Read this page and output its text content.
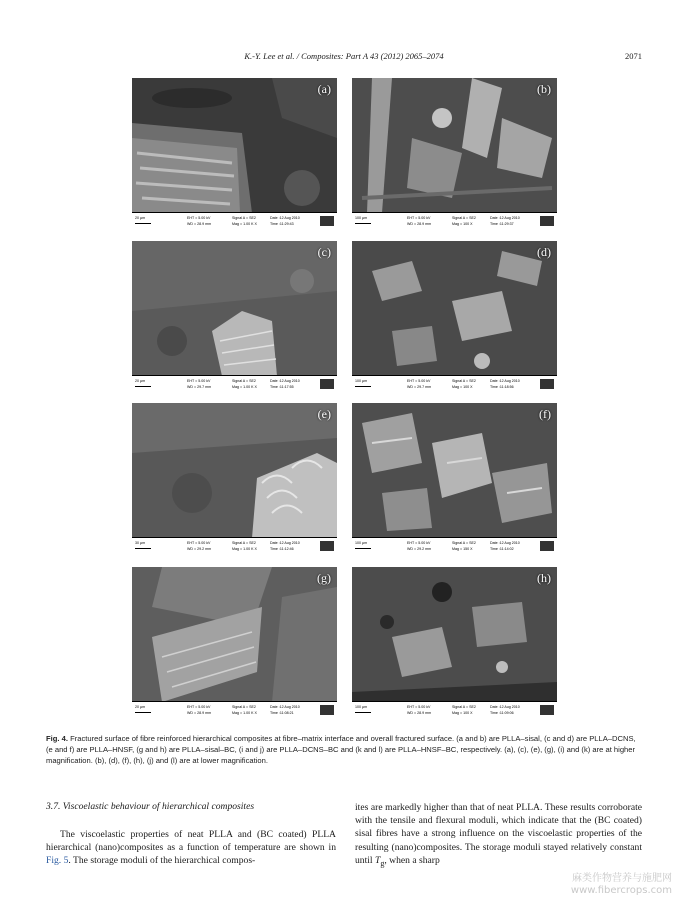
K.-Y. Lee et al. / Composites: Part A 43 (2012) 2065–2074	2071
(a)
20 µm	EHT = 5.00 kV
WD = 28.9 mm
Signal A = SE2
Mag = 1.00 K X
Date :12 Aug 2010
Time :11:29:43
(b)
100 µm	EHT = 5.00 kV
WD = 28.9 mm
Signal A = SE2
Mag = 100 X
Date :12 Aug 2010
Time :11:29:37
(c)
20 µm	EHT = 5.00 kV
WD = 29.7 mm
Signal A = SE2
Mag = 1.00 K X
Date :12 Aug 2010
Time :11:17:55
(d)
100 µm	EHT = 5.00 kV
WD = 29.7 mm
Signal A = SE2
Mag = 100 X
Date :12 Aug 2010
Time :11:18:56
(e)
30 µm	EHT = 5.00 kV
WD = 29.2 mm
Signal A = SE2
Mag = 1.00 K X
Date :12 Aug 2010
Time :11:12:46
(f)
100 µm	EHT = 5.00 kV
WD = 29.2 mm
Signal A = SE2
Mag = 150 X
Date :12 Aug 2010
Time :11:14:02
(g)
20 µm	EHT = 5.00 kV
WD = 28.9 mm
Signal A = SE2
Mag = 1.00 K X
Date :12 Aug 2010
Time :11:08:21
(h)
100 µm	EHT = 5.00 kV
WD = 28.9 mm
Signal A = SE2
Mag = 100 X
Date :12 Aug 2010
Time :11:09:06
Fig. 4. Fractured surface of fibre reinforced hierarchical composites at fibre–matrix interface and overall fractured surface. (a and b) are PLLA–sisal, (c and d) are PLLA–DCNS, (e and f) are PLLA–HNSF, (g and h) are PLLA–sisal–BC, (i and j) are PLLA–DCNS–BC and (k and l) are PLLA–HNSF–BC, respectively. (a), (c), (e), (g), (i) and (k) are at higher magnification. (b), (d), (f), (h), (j) and (l) are at lower magnification.
3.7. Viscoelastic behaviour of hierarchical composites

The viscoelastic properties of neat PLLA and (BC coated) PLLA hierarchical (nano)composites as a function of temperature are shown in Fig. 5. The storage moduli of the hierarchical compos-

ites are markedly higher than that of neat PLLA. These results corroborate with the tensile and flexural moduli, which indicate that the (BC coated) sisal fibres have a strong influence on the viscoelastic properties of the resulting (nano)composites. The storage moduli stayed relatively constant until $T_g$, when a sharp

麻类作物营养与施肥网
www.fibercrops.com
